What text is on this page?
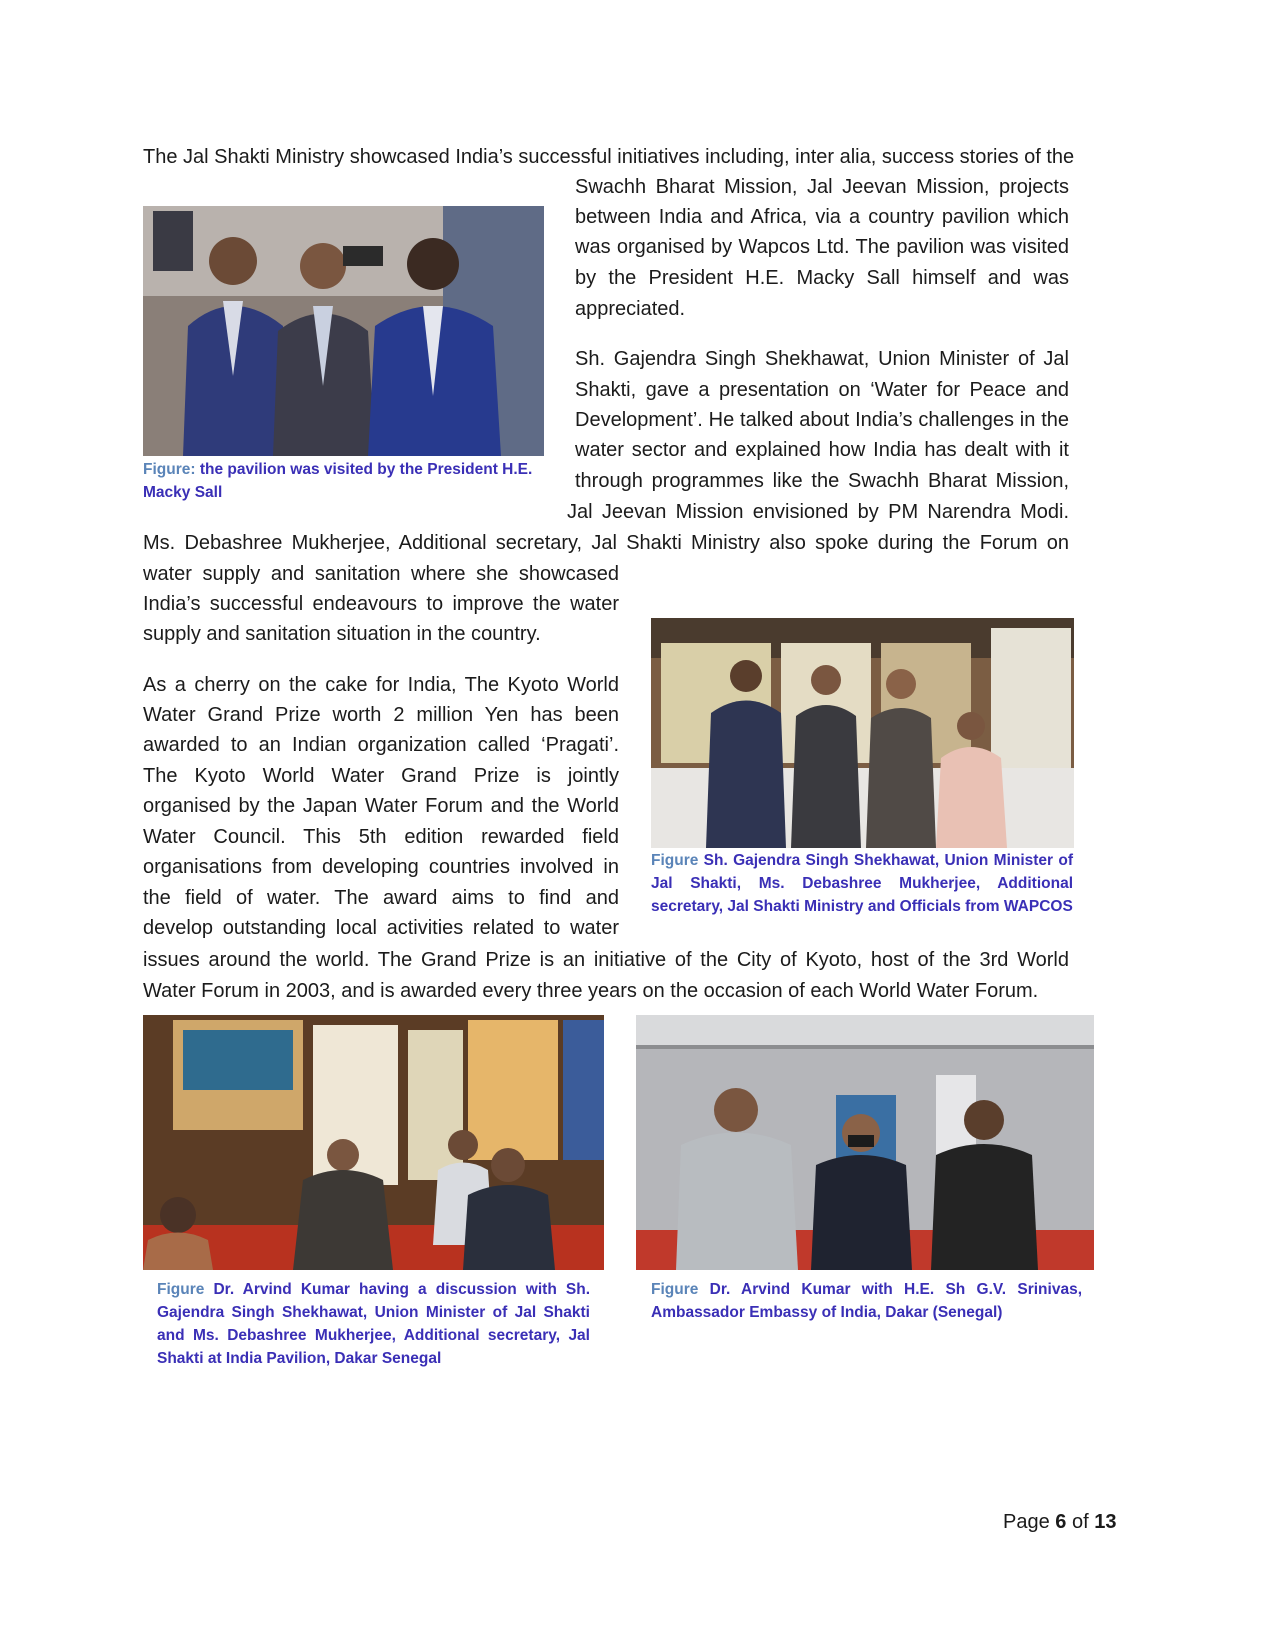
The Jal Shakti Ministry showcased India’s successful initiatives including, inter alia, success stories of the
Swachh Bharat Mission, Jal Jeevan Mission, projects
between India and Africa, via a country pavilion which
was organised by Wapcos Ltd. The pavilion was visited
by the President H.E. Macky Sall himself and was
appreciated.
Sh. Gajendra Singh Shekhawat, Union Minister of Jal
Shakti, gave a presentation on ‘Water for Peace and
Development’. He talked about India’s challenges in the
water sector and explained how India has dealt with it
through programmes like the Swachh Bharat Mission,
Jal Jeevan Mission envisioned by PM Narendra Modi.
Ms. Debashree Mukherjee, Additional secretary, Jal Shakti Ministry also spoke during the Forum on
water supply and sanitation where she showcased
India’s successful endeavours to improve the water
supply and sanitation situation in the country.
As a cherry on the cake for India, The Kyoto World
Water Grand Prize worth 2 million Yen has been
awarded to an Indian organization called ‘Pragati’.
The Kyoto World Water Grand Prize is jointly
organised by the Japan Water Forum and the World
Water Council. This 5th edition rewarded field
organisations from developing countries involved in
the field of water. The award aims to find and
develop outstanding local activities related to water
issues around the world. The Grand Prize is an initiative of the City of Kyoto, host of the 3rd World
Water Forum in 2003, and is awarded every three years on the occasion of each World Water Forum.
Figure: the pavilion was visited by the President H.E. Macky Sall
Figure Sh. Gajendra Singh Shekhawat, Union Minister of Jal Shakti, Ms. Debashree Mukherjee, Additional secretary, Jal Shakti Ministry and Officials from WAPCOS
Figure Dr. Arvind Kumar having a discussion with Sh. Gajendra Singh Shekhawat, Union Minister of Jal Shakti and Ms. Debashree Mukherjee, Additional secretary, Jal Shakti at India Pavilion, Dakar Senegal
Figure Dr. Arvind Kumar with H.E. Sh G.V. Srinivas, Ambassador Embassy of India, Dakar (Senegal)
Page 6 of 13
